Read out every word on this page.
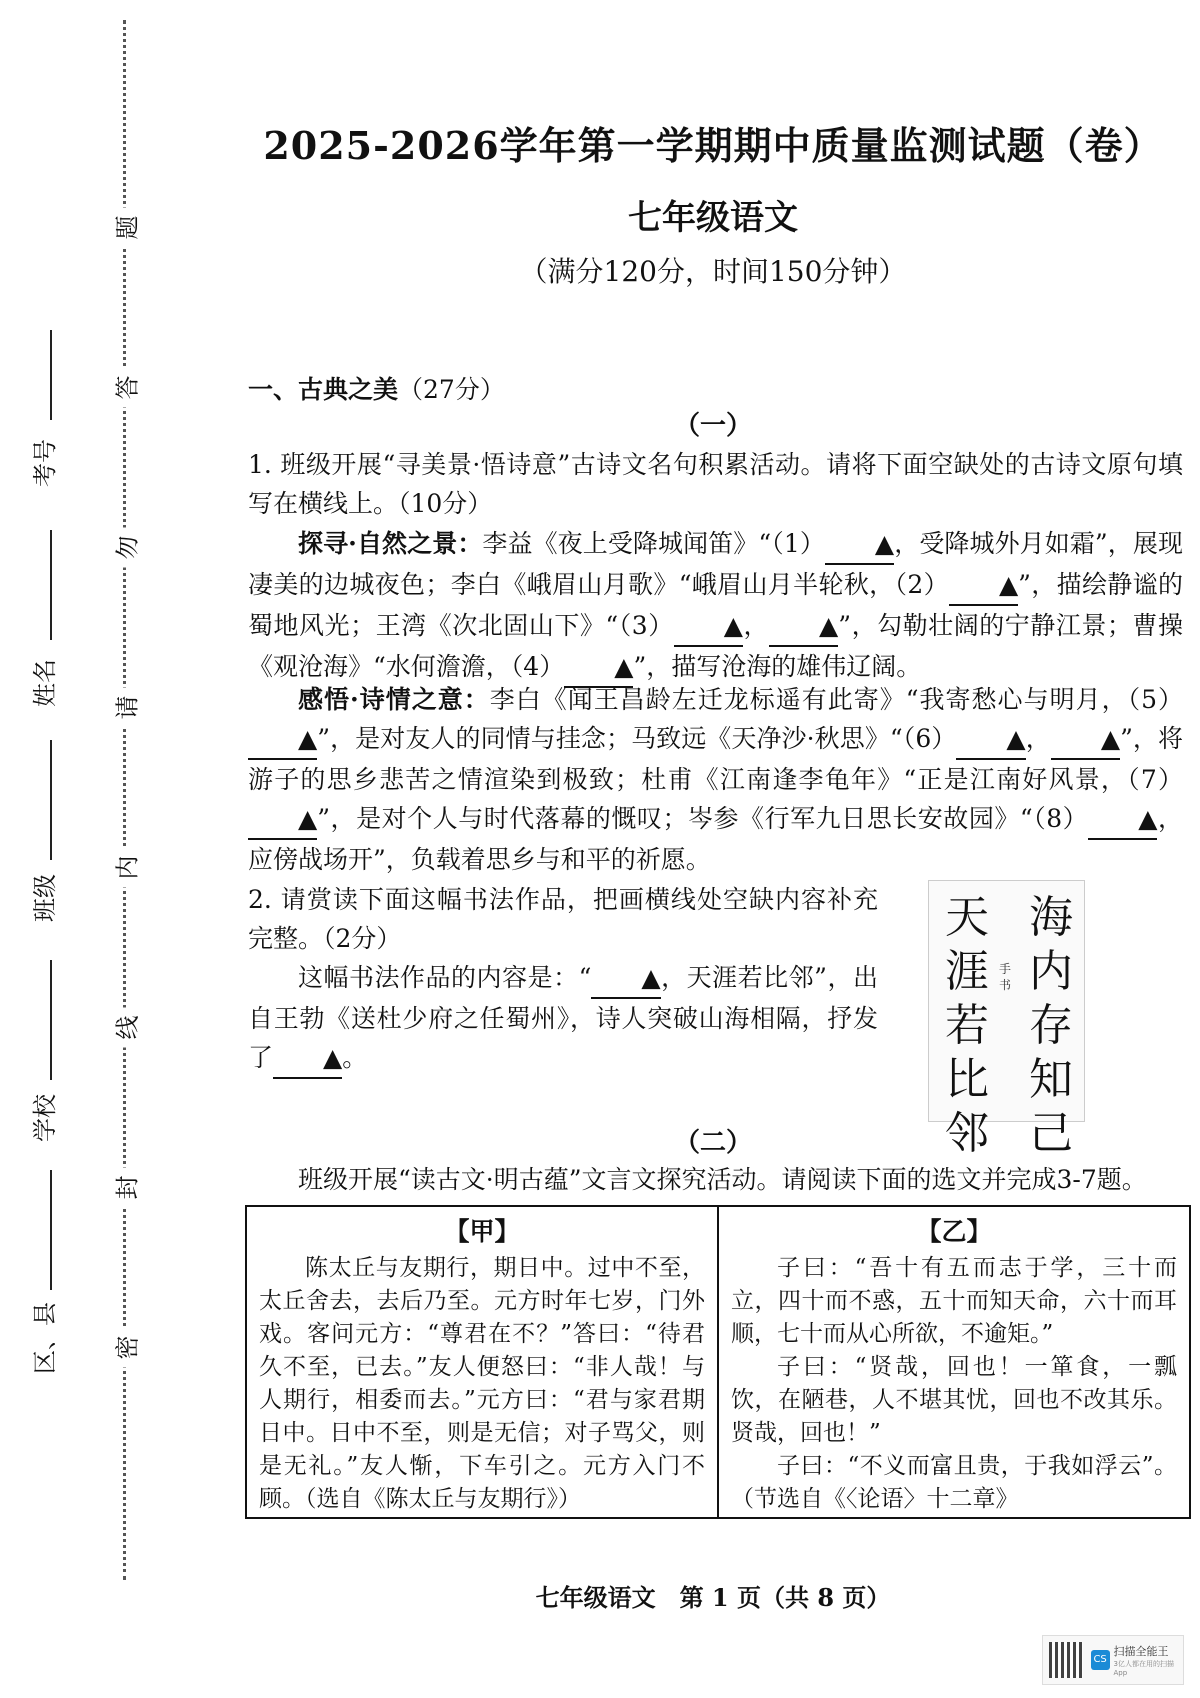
题
答
勿
请
内
线
封
密
考号
姓名
班级
学校
区、县
2025-2026学年第一学期期中质量监测试题（卷）
七年级语文
（满分120分，时间150分钟）
一、古典之美（27分）
（一）
1. 班级开展“寻美景·悟诗意”古诗文名句积累活动。请将下面空缺处的古诗文原句填写在横线上。（10分）
探寻·自然之景：李益《夜上受降城闻笛》“（1） ▲，受降城外月如霜”，展现凄美的边城夜色；李白《峨眉山月歌》“峨眉山月半轮秋，（2） ▲”，描绘静谧的蜀地风光；王湾《次北固山下》“（3） ▲， ▲”，勾勒壮阔的宁静江景；曹操《观沧海》“水何澹澹，（4） ▲”，描写沧海的雄伟辽阔。
感悟·诗情之意：李白《闻王昌龄左迁龙标遥有此寄》“我寄愁心与明月，（5）▲”，是对友人的同情与挂念；马致远《天净沙·秋思》“（6） ▲， ▲”，将游子的思乡悲苦之情渲染到极致；杜甫《江南逢李龟年》“正是江南好风景，（7）▲”，是对个人与时代落幕的慨叹；岑参《行军九日思长安故园》“（8） ▲，应傍战场开”，负载着思乡与和平的祈愿。
2. 请赏读下面这幅书法作品，把画横线处空缺内容补充完整。（2分）
这幅书法作品的内容是：“ ▲，天涯若比邻”，出自王勃《送杜少府之任蜀州》，诗人突破山海相隔，抒发了 ▲。
海内存知己
手书
天涯若比邻
（二）
班级开展“读古文·明古蕴”文言文探究活动。请阅读下面的选文并完成3-7题。
【甲】

陈太丘与友期行，期日中。过中不至，太丘舍去，去后乃至。元方时年七岁，门外戏。客问元方：“尊君在不？”答曰：“待君久不至，已去。”友人便怒曰：“非人哉！与人期行，相委而去。”元方曰：“君与家君期日中。日中不至，则是无信；对子骂父，则是无礼。”友人惭，下车引之。元方入门不顾。（选自《陈太丘与友期行》）

【乙】

子曰：“吾十有五而志于学，三十而立，四十而不惑，五十而知天命，六十而耳顺，七十而从心所欲，不逾矩。”

子曰：“贤哉，回也！一箪食，一瓢饮，在陋巷，人不堪其忧，回也不改其乐。贤哉，回也！”

子曰：“不义而富且贵，于我如浮云”。（节选自《〈论语〉十二章》

七年级语文　第 1 页（共 8 页）
CS
扫描全能王
3亿人都在用的扫描App
